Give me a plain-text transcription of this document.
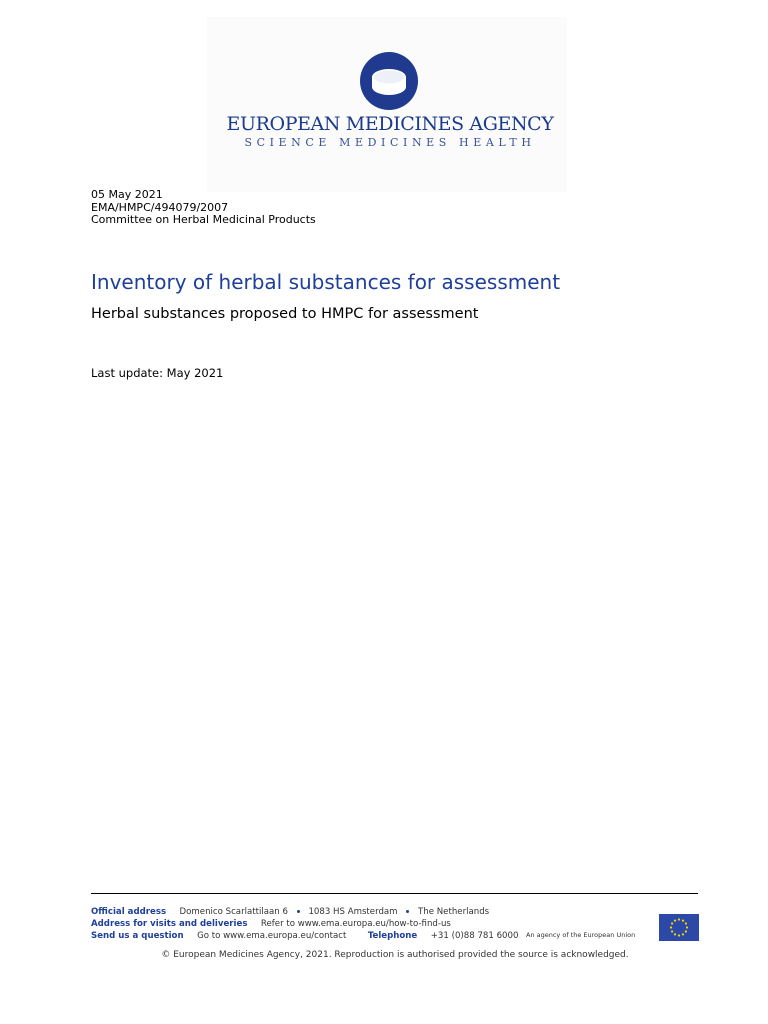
EUROPEAN MEDICINES AGENCY
SCIENCE MEDICINES HEALTH
05 May 2021
EMA/HMPC/494079/2007
Committee on Herbal Medicinal Products
Inventory of herbal substances for assessment
Herbal substances proposed to HMPC for assessment
Last update: May 2021
Official address Domenico Scarlattilaan 6 1083 HS Amsterdam The Netherlands
Address for visits and deliveries Refer to www.ema.europa.eu/how-to-find-us
Send us a question Go to www.ema.europa.eu/contact Telephone +31 (0)88 781 6000 An agency of the European Union
© European Medicines Agency, 2021. Reproduction is authorised provided the source is acknowledged.
